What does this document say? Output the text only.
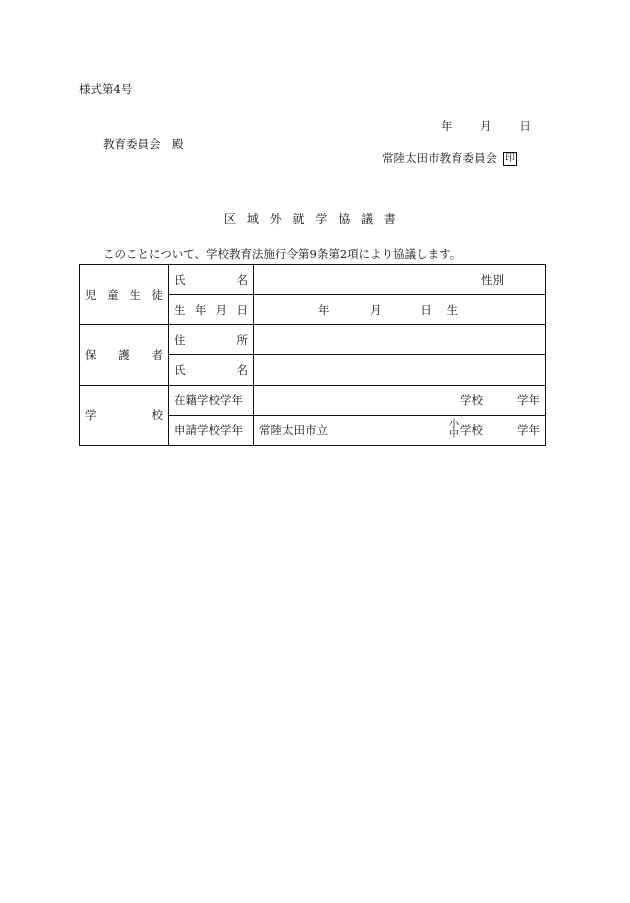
様式第4号
年 月 日
教育委員会　殿
常陸太田市教育委員会 印
区 域 外 就 学 協 議 書
このことについて、学校教育法施行令第9条第2項により協議します。
児 童 生 徒	氏 名	性別

	生 年 月 日	年 月 日 生

保 護 者	住 所	

	氏 名	

学 校	在籍学校学年	学校 学年

	申請学校学年	常陸太田市立 小
中 学校 学年
